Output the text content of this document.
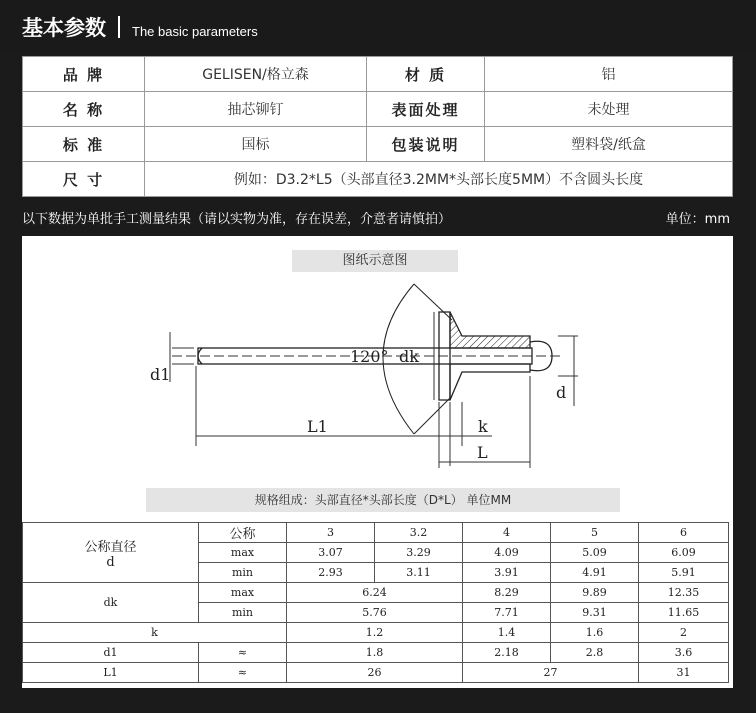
基本参数 The basic parameters
品 牌	GELISEN/格立森	材 质	铝
名 称	抽芯铆钉	表面处理	未处理
标 准	国标	包装说明	塑料袋/纸盒
尺 寸	例如：D3.2*L5（头部直径3.2MM*头部长度5MM）不含圆头长度		
以下数据为单批手工测量结果（请以实物为准，存在误差，介意者请慎拍）	单位：mm
120° dk
d1
d
L1	k
L
图纸示意图
规格组成：头部直径*头部长度（D*L） 单位MM
公称直径
d	公称	3	3.2	4	5	6
	max	3.07	3.29	4.09	5.09	6.09
	min	2.93	3.11	3.91	4.91	5.91
dk	max	6.24		8.29	9.89	12.35
	min	5.76		7.71	9.31	11.65
k		1.2		1.4	1.6	2
d1	≈	1.8		2.18	2.8	3.6
L1	≈	26		27		31
